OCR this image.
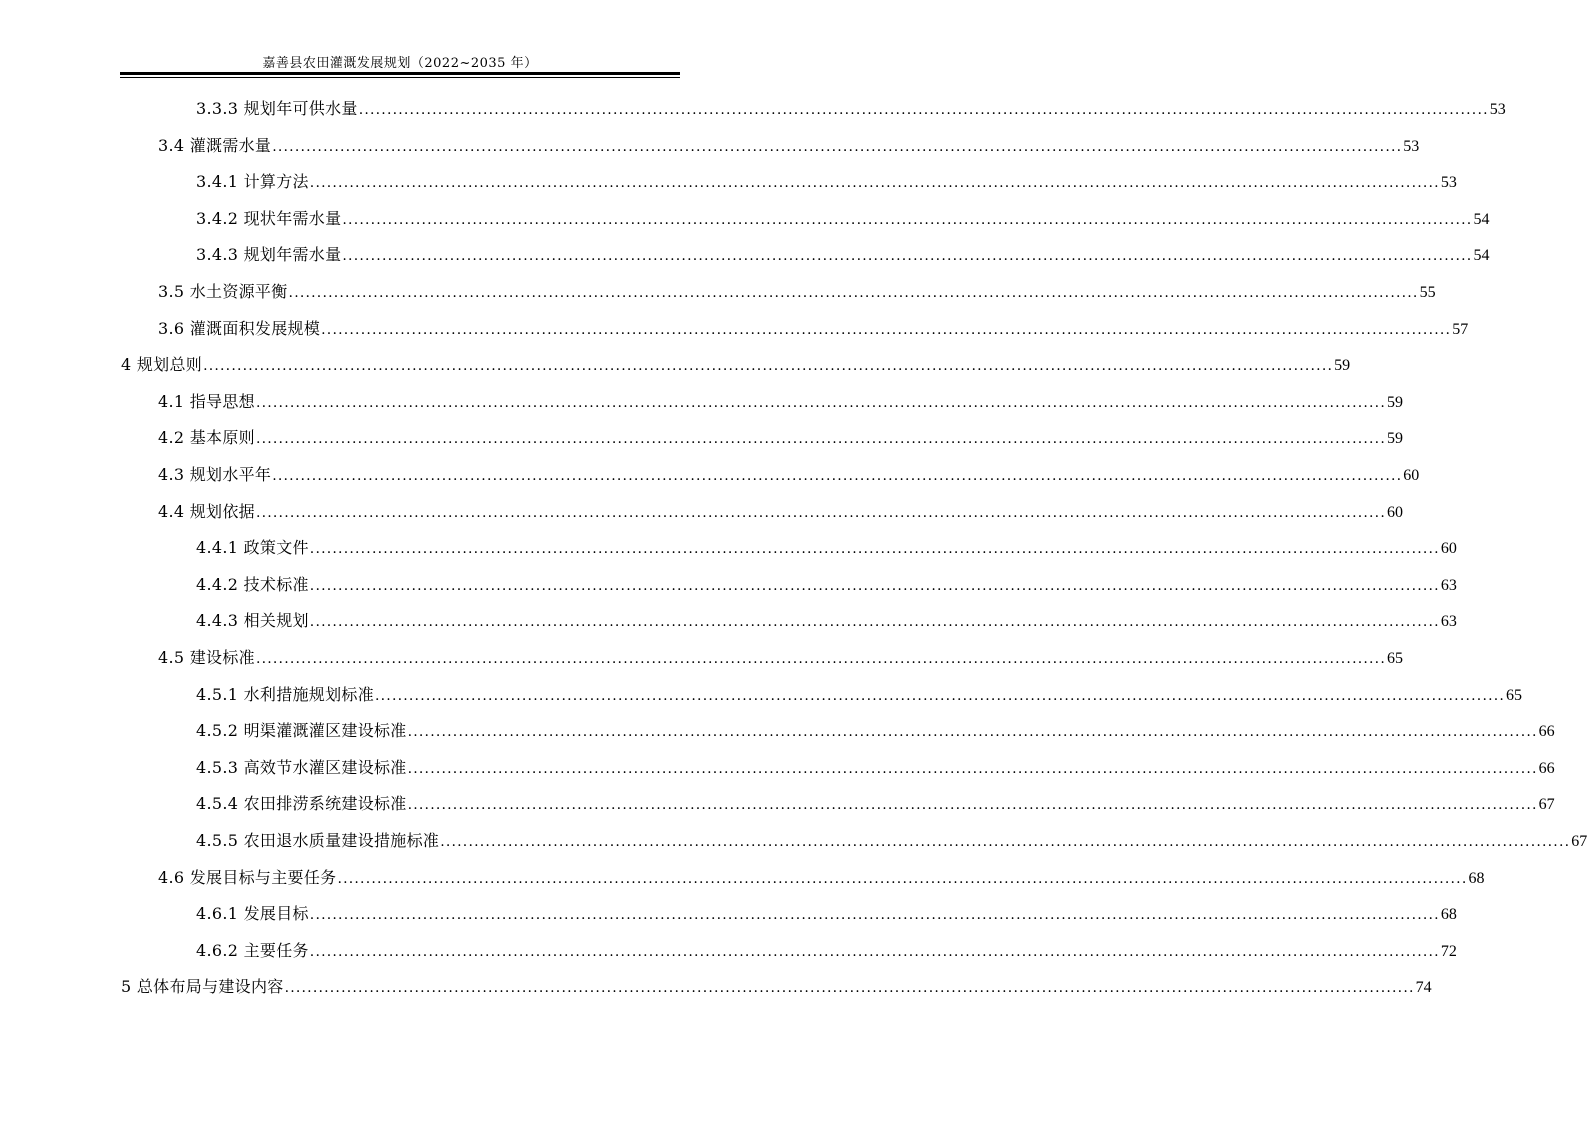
嘉善县农田灌溉发展规划（2022~2035 年）
3.3.3 规划年可供水量 ........................................................................................................................................................................................................ 53
3.4 灌溉需水量 ........................................................................................................................................................................................................ 53
3.4.1 计算方法 ........................................................................................................................................................................................................ 53
3.4.2 现状年需水量 ........................................................................................................................................................................................................ 54
3.4.3 规划年需水量 ........................................................................................................................................................................................................ 54
3.5 水土资源平衡 ........................................................................................................................................................................................................ 55
3.6 灌溉面积发展规模 ........................................................................................................................................................................................................ 57
4 规划总则 ........................................................................................................................................................................................................ 59
4.1 指导思想 ........................................................................................................................................................................................................ 59
4.2 基本原则 ........................................................................................................................................................................................................ 59
4.3 规划水平年 ........................................................................................................................................................................................................ 60
4.4 规划依据 ........................................................................................................................................................................................................ 60
4.4.1 政策文件 ........................................................................................................................................................................................................ 60
4.4.2 技术标准 ........................................................................................................................................................................................................ 63
4.4.3 相关规划 ........................................................................................................................................................................................................ 63
4.5 建设标准 ........................................................................................................................................................................................................ 65
4.5.1 水利措施规划标准 ........................................................................................................................................................................................................ 65
4.5.2 明渠灌溉灌区建设标准 ........................................................................................................................................................................................................ 66
4.5.3 高效节水灌区建设标准 ........................................................................................................................................................................................................ 66
4.5.4 农田排涝系统建设标准 ........................................................................................................................................................................................................ 67
4.5.5 农田退水质量建设措施标准 ........................................................................................................................................................................................................ 67
4.6 发展目标与主要任务 ........................................................................................................................................................................................................ 68
4.6.1 发展目标 ........................................................................................................................................................................................................ 68
4.6.2 主要任务 ........................................................................................................................................................................................................ 72
5 总体布局与建设内容 ........................................................................................................................................................................................................ 74
